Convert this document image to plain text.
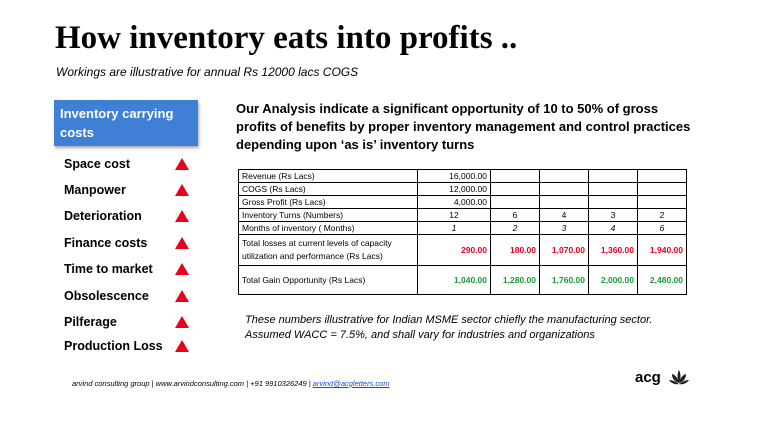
How inventory eats into profits ..
Workings are illustrative for annual Rs 12000 lacs COGS
Inventory carrying costs
Space cost
Manpower
Deterioration
Finance costs
Time to market
Obsolescence
Pilferage
Production Loss
Our Analysis indicate a significant opportunity of 10 to 50% of gross profits of benefits by proper inventory management and control practices depending upon ‘as is’ inventory turns
Revenue (Rs Lacs)	16,000.00				
COGS (Rs Lacs)	12,000.00				
Gross Profit (Rs Lacs)	4,000.00				
Inventory Turns (Numbers)	12	6	4	3	2
Months of inventory ( Months)	1	2	3	4	6
Total losses at current levels of capacity utilization and performance (Rs Lacs)	290.00	180.00	1,070.00	1,360.00	1,940.00
Total Gain Opportunity (Rs Lacs)	1,040.00	1,280.00	1,760.00	2,000.00	2,480.00
These numbers illustrative for Indian MSME sector chiefly the manufacturing sector. Assumed WACC = 7.5%, and shall vary for industries and organizations
arvind consulting group | www.arvindconsulting.com | +91 9910326249 | arvind@acgletters.com	acg
